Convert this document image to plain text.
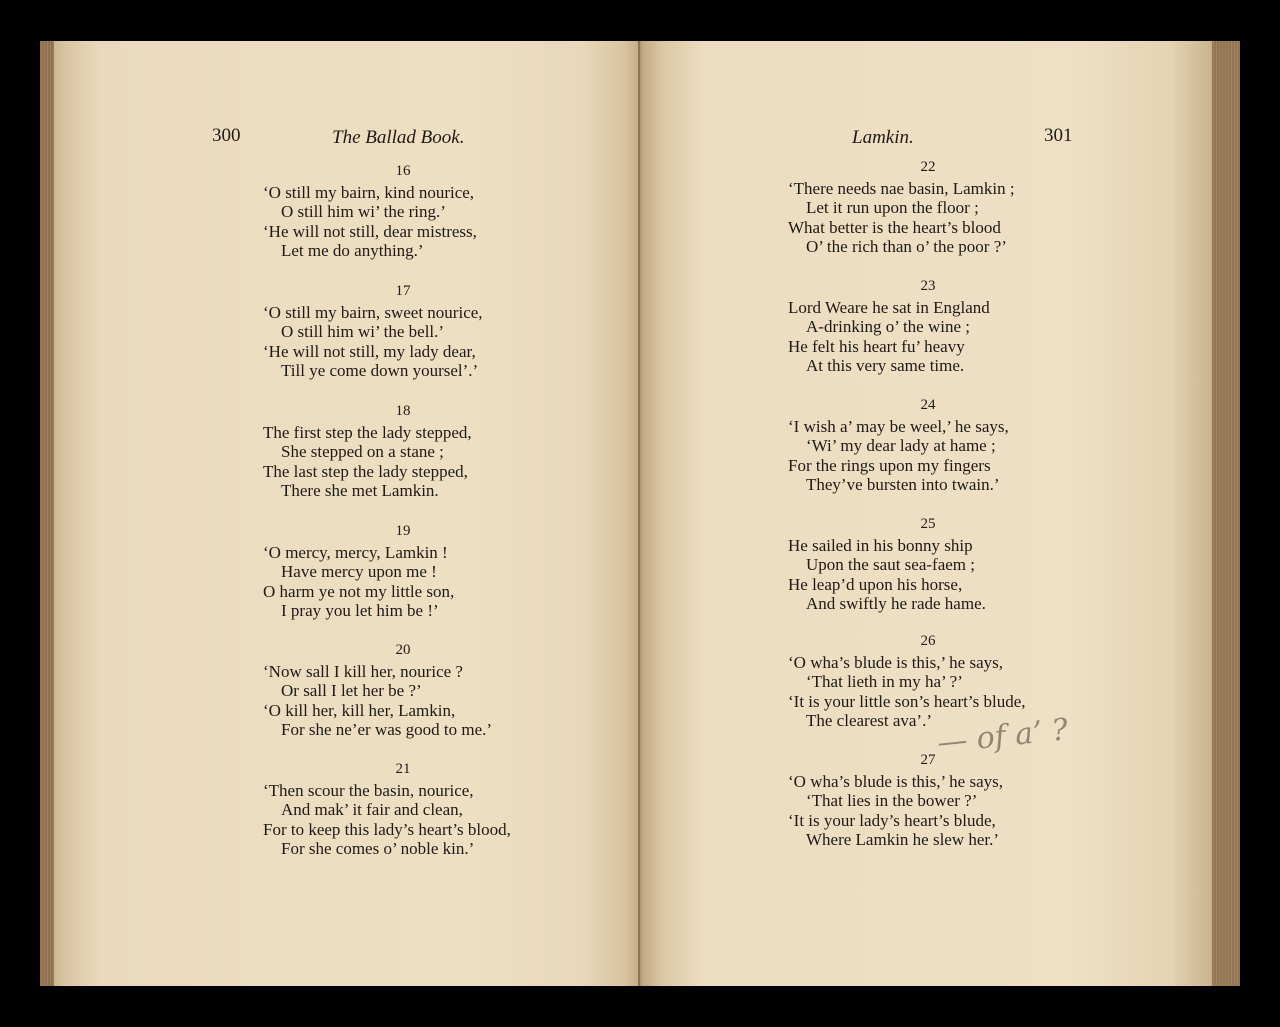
300	The Ballad Book.
16
‘O still my bairn, kind nourice,
O still him wi’ the ring.’
‘He will not still, dear mistress,
Let me do anything.’
17
‘O still my bairn, sweet nourice,
O still him wi’ the bell.’
‘He will not still, my lady dear,
Till ye come down yoursel’.’
18
The first step the lady stepped,
She stepped on a stane ;
The last step the lady stepped,
There she met Lamkin.
19
‘O mercy, mercy, Lamkin !
Have mercy upon me !
O harm ye not my little son,
I pray you let him be !’
20
‘Now sall I kill her, nourice ?
Or sall I let her be ?’
‘O kill her, kill her, Lamkin,
For she ne’er was good to me.’
21
‘Then scour the basin, nourice,
And mak’ it fair and clean,
For to keep this lady’s heart’s blood,
For she comes o’ noble kin.’
301
Lamkin.
22
‘There needs nae basin, Lamkin ;
Let it run upon the floor ;
What better is the heart’s blood
O’ the rich than o’ the poor ?’
23
Lord Weare he sat in England
A-drinking o’ the wine ;
He felt his heart fu’ heavy
At this very same time.
24
‘I wish a’ may be weel,’ he says,
‘Wi’ my dear lady at hame ;
For the rings upon my fingers
They’ve bursten into twain.’
25
He sailed in his bonny ship
Upon the saut sea-faem ;
He leap’d upon his horse,
And swiftly he rade hame.
26
‘O wha’s blude is this,’ he says,
‘That lieth in my ha’ ?’
‘It is your little son’s heart’s blude,
The clearest ava’.’
27
‘O wha’s blude is this,’ he says,
‘That lies in the bower ?’
‘It is your lady’s heart’s blude,
Where Lamkin he slew her.’
— of a’ ?
